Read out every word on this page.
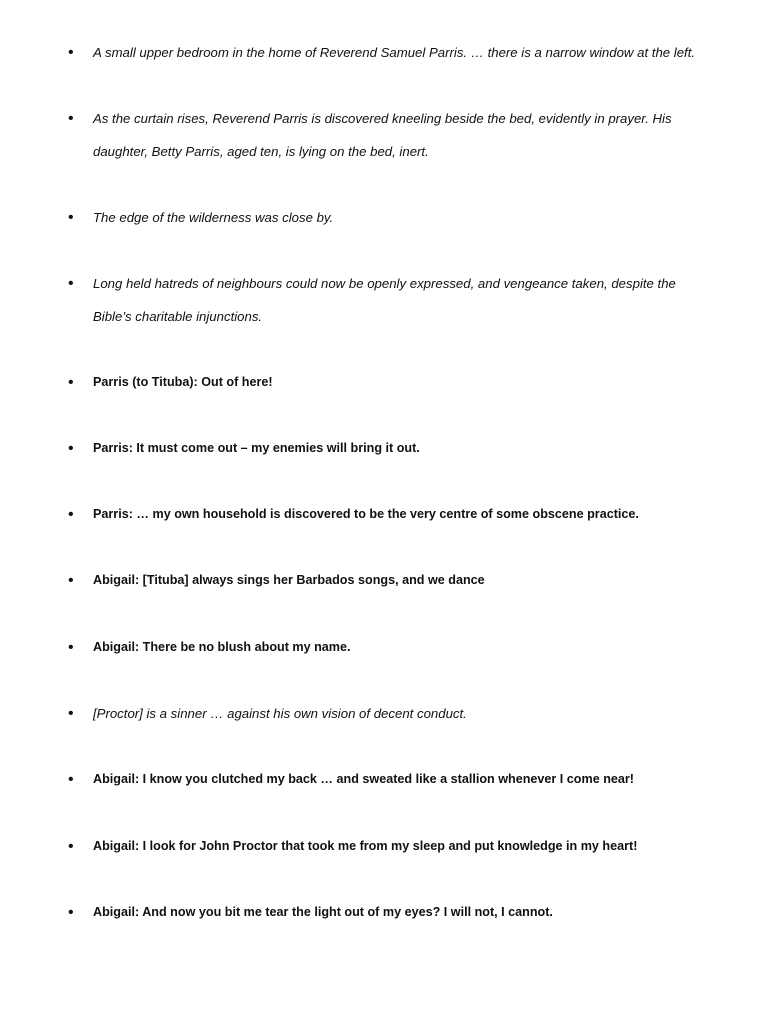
•
A small upper bedroom in the home of Reverend Samuel Parris. … there is a narrow window at the left.
•
As the curtain rises, Reverend Parris is discovered kneeling beside the bed, evidently in prayer. His daughter, Betty Parris, aged ten, is lying on the bed, inert.
•
The edge of the wilderness was close by.
•
Long held hatreds of neighbours could now be openly expressed, and vengeance taken, despite the Bible’s charitable injunctions.
•
Parris (to Tituba): Out of here!
•
Parris: It must come out – my enemies will bring it out.
•
Parris: … my own household is discovered to be the very centre of some obscene practice.
•
Abigail: [Tituba] always sings her Barbados songs, and we dance
•
Abigail: There be no blush about my name.
•
[Proctor] is a sinner … against his own vision of decent conduct.
•
Abigail: I know you clutched my back … and sweated like a stallion whenever I come near!
•
Abigail: I look for John Proctor that took me from my sleep and put knowledge in my heart!
•
Abigail: And now you bit me tear the light out of my eyes? I will not, I cannot.
